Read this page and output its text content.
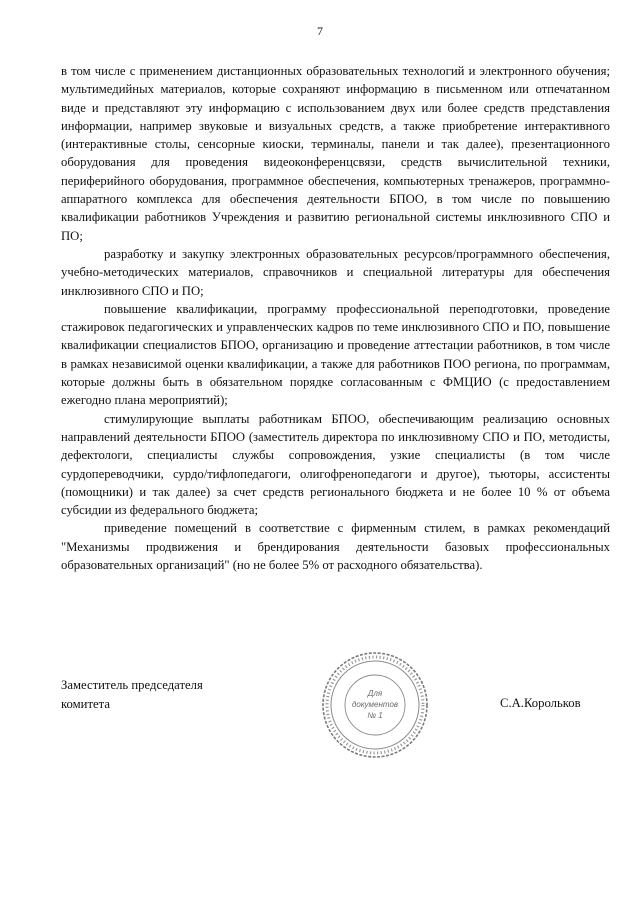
7

в том числе с применением дистанционных образовательных технологий и электронного обучения; мультимедийных материалов, которые сохраняют информацию в письменном или отпечатанном виде и представляют эту информацию с использованием двух или более средств представления информации, например звуковые и визуальных средств, а также приобретение интерактивного (интерактивные столы, сенсорные киоски, терминалы, панели и так далее), презентационного оборудования для проведения видеоконференцсвязи, средств вычислительной техники, периферийного оборудования, программное обеспечения, компьютерных тренажеров, программно-аппаратного комплекса для обеспечения деятельности БПОО, в том числе по повышению квалификации работников Учреждения и развитию региональной системы инклюзивного СПО и ПО;

разработку и закупку электронных образовательных ресурсов/программного обеспечения, учебно-методических материалов, справочников и специальной литературы для обеспечения инклюзивного СПО и ПО;

повышение квалификации, программу профессиональной переподготовки, проведение стажировок педагогических и управленческих кадров по теме инклюзивного СПО и ПО, повышение квалификации специалистов БПОО, организацию и проведение аттестации работников, в том числе в рамках независимой оценки квалификации, а также для работников ПОО региона, по программам, которые должны быть в обязательном порядке согласованным с ФМЦИО (с предоставлением ежегодно плана мероприятий);

стимулирующие выплаты работникам БПОО, обеспечивающим реализацию основных направлений деятельности БПОО (заместитель директора по инклюзивному СПО и ПО, методисты, дефектологи, специалисты службы сопровождения, узкие специалисты (в том числе сурдопереводчики, сурдо/тифлопедагоги, олигофренопедагоги и другое), тьюторы, ассистенты (помощники) и так далее) за счет средств регионального бюджета и не более 10 % от объема субсидии из федерального бюджета;

приведение помещений в соответствие с фирменным стилем, в рамках рекомендаций "Механизмы продвижения и брендирования деятельности базовых профессиональных образовательных организаций" (но не более 5% от расходного обязательства).

Заместитель председателя
комитета
Для
документов
№ 1
С.А.Корольков
